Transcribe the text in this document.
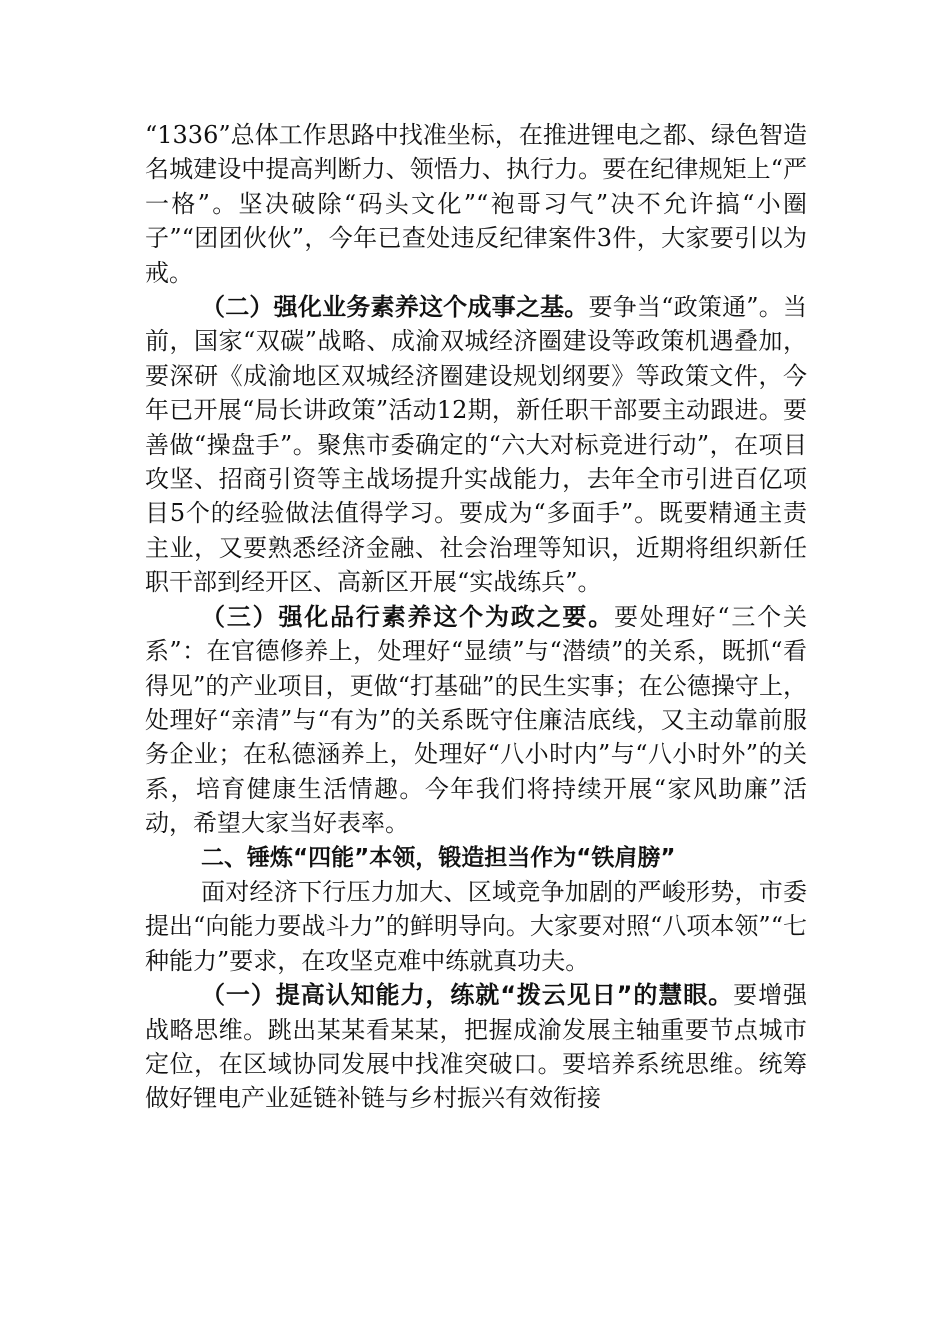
“1336”总体工作思路中找准坐标，在推进锂电之都、绿色智造名城建设中提高判断力、领悟力、执行力。要在纪律规矩上“严一格”。坚决破除“码头文化”“袍哥习气”决不允许搞“小圈子”“团团伙伙”，今年已查处违反纪律案件3件，大家要引以为戒。

（二）强化业务素养这个成事之基。要争当“政策通”。当前，国家“双碳”战略、成渝双城经济圈建设等政策机遇叠加，要深研《成渝地区双城经济圈建设规划纲要》等政策文件，今年已开展“局长讲政策”活动12期，新任职干部要主动跟进。要善做“操盘手”。聚焦市委确定的“六大对标竞进行动”，在项目攻坚、招商引资等主战场提升实战能力，去年全市引进百亿项目5个的经验做法值得学习。要成为“多面手”。既要精通主责主业，又要熟悉经济金融、社会治理等知识，近期将组织新任职干部到经开区、高新区开展“实战练兵”。

（三）强化品行素养这个为政之要。要处理好“三个关系”：在官德修养上，处理好“显绩”与“潜绩”的关系，既抓“看得见”的产业项目，更做“打基础”的民生实事；在公德操守上，处理好“亲清”与“有为”的关系既守住廉洁底线，又主动靠前服务企业；在私德涵养上，处理好“八小时内”与“八小时外”的关系，培育健康生活情趣。今年我们将持续开展“家风助廉”活动，希望大家当好表率。

二、锤炼“四能”本领，锻造担当作为“铁肩膀”

面对经济下行压力加大、区域竞争加剧的严峻形势，市委提出“向能力要战斗力”的鲜明导向。大家要对照“八项本领”“七种能力”要求，在攻坚克难中练就真功夫。

（一）提高认知能力，练就“拨云见日”的慧眼。要增强战略思维。跳出某某看某某，把握成渝发展主轴重要节点城市定位，在区域协同发展中找准突破口。要培养系统思维。统筹做好锂电产业延链补链与乡村振兴有效衔接
